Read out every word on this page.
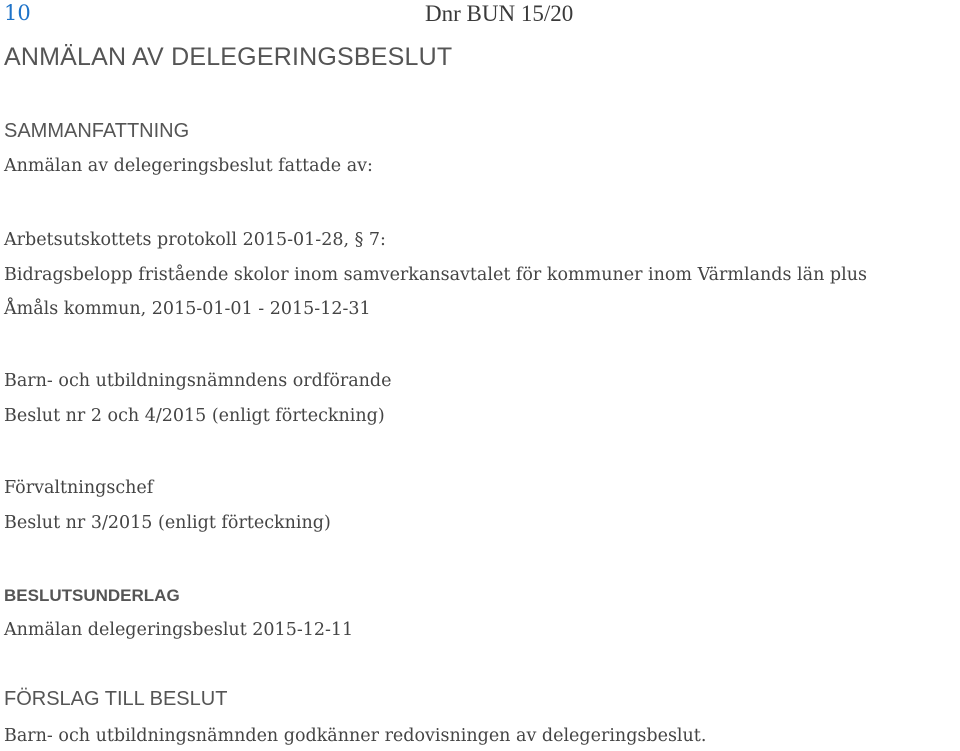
10	Dnr BUN 15/20
ANMÄLAN AV DELEGERINGSBESLUT
SAMMANFATTNING

Anmälan av delegeringsbeslut fattade av:

Arbetsutskottets protokoll 2015-01-28, § 7:

Bidragsbelopp fristående skolor inom samverkansavtalet för kommuner inom Värmlands län plus

Åmåls kommun, 2015-01-01 - 2015-12-31

Barn- och utbildningsnämndens ordförande

Beslut nr 2 och 4/2015 (enligt förteckning)

Förvaltningschef

Beslut nr 3/2015 (enligt förteckning)

BESLUTSUNDERLAG

Anmälan delegeringsbeslut 2015-12-11

FÖRSLAG TILL BESLUT

Barn- och utbildningsnämnden godkänner redovisningen av delegeringsbeslut.
